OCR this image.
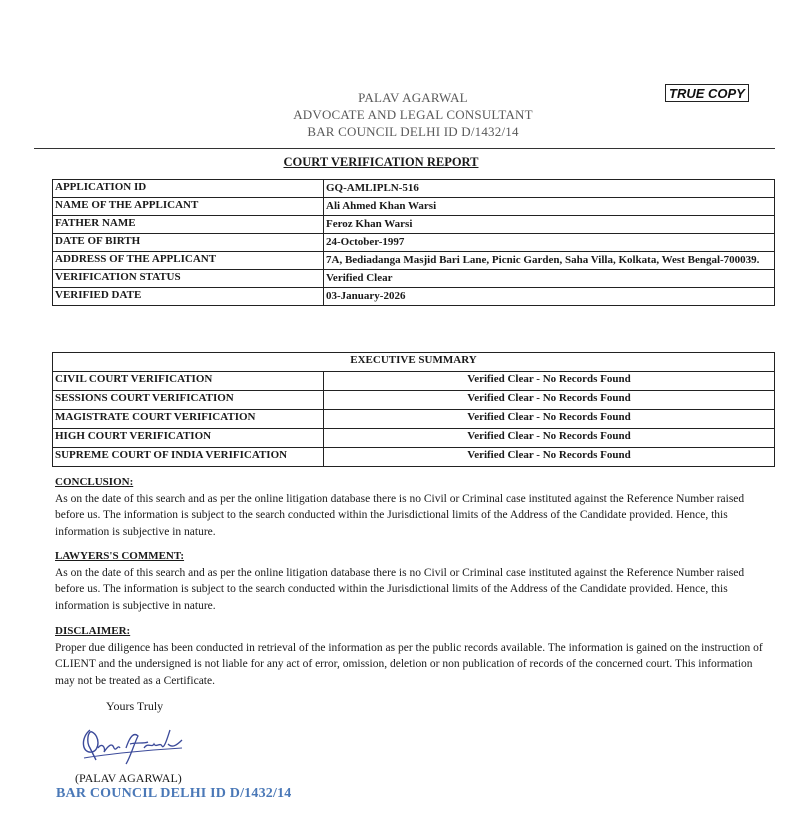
PALAV AGARWAL
ADVOCATE AND LEGAL CONSULTANT
BAR COUNCIL DELHI ID D/1432/14
TRUE COPY
COURT VERIFICATION REPORT
APPLICATION ID	GQ-AMLIPLN-516
NAME OF THE APPLICANT	Ali Ahmed Khan Warsi
FATHER NAME	Feroz Khan Warsi
DATE OF BIRTH	24-October-1997
ADDRESS OF THE APPLICANT	7A, Bediadanga Masjid Bari Lane, Picnic Garden, Saha Villa, Kolkata, West Bengal-700039.
VERIFICATION STATUS	Verified Clear
VERIFIED DATE	03-January-2026
EXECUTIVE SUMMARY	
CIVIL COURT VERIFICATION	Verified Clear - No Records Found
SESSIONS COURT VERIFICATION	Verified Clear - No Records Found
MAGISTRATE COURT VERIFICATION	Verified Clear - No Records Found
HIGH COURT VERIFICATION	Verified Clear - No Records Found
SUPREME COURT OF INDIA VERIFICATION	Verified Clear - No Records Found
CONCLUSION:
As on the date of this search and as per the online litigation database there is no Civil or Criminal case instituted against the Reference Number raised before us. The information is subject to the search conducted within the Jurisdictional limits of the Address of the Candidate provided. Hence, this information is subjective in nature.
LAWYERS'S COMMENT:
As on the date of this search and as per the online litigation database there is no Civil or Criminal case instituted against the Reference Number raised before us. The information is subject to the search conducted within the Jurisdictional limits of the Address of the Candidate provided. Hence, this information is subjective in nature.
DISCLAIMER:
Proper due diligence has been conducted in retrieval of the information as per the public records available. The information is gained on the instruction of CLIENT and the undersigned is not liable for any act of error, omission, deletion or non publication of records of the concerned court. This information may not be treated as a Certificate.
Yours Truly
(PALAV AGARWAL)
BAR COUNCIL DELHI ID D/1432/14
